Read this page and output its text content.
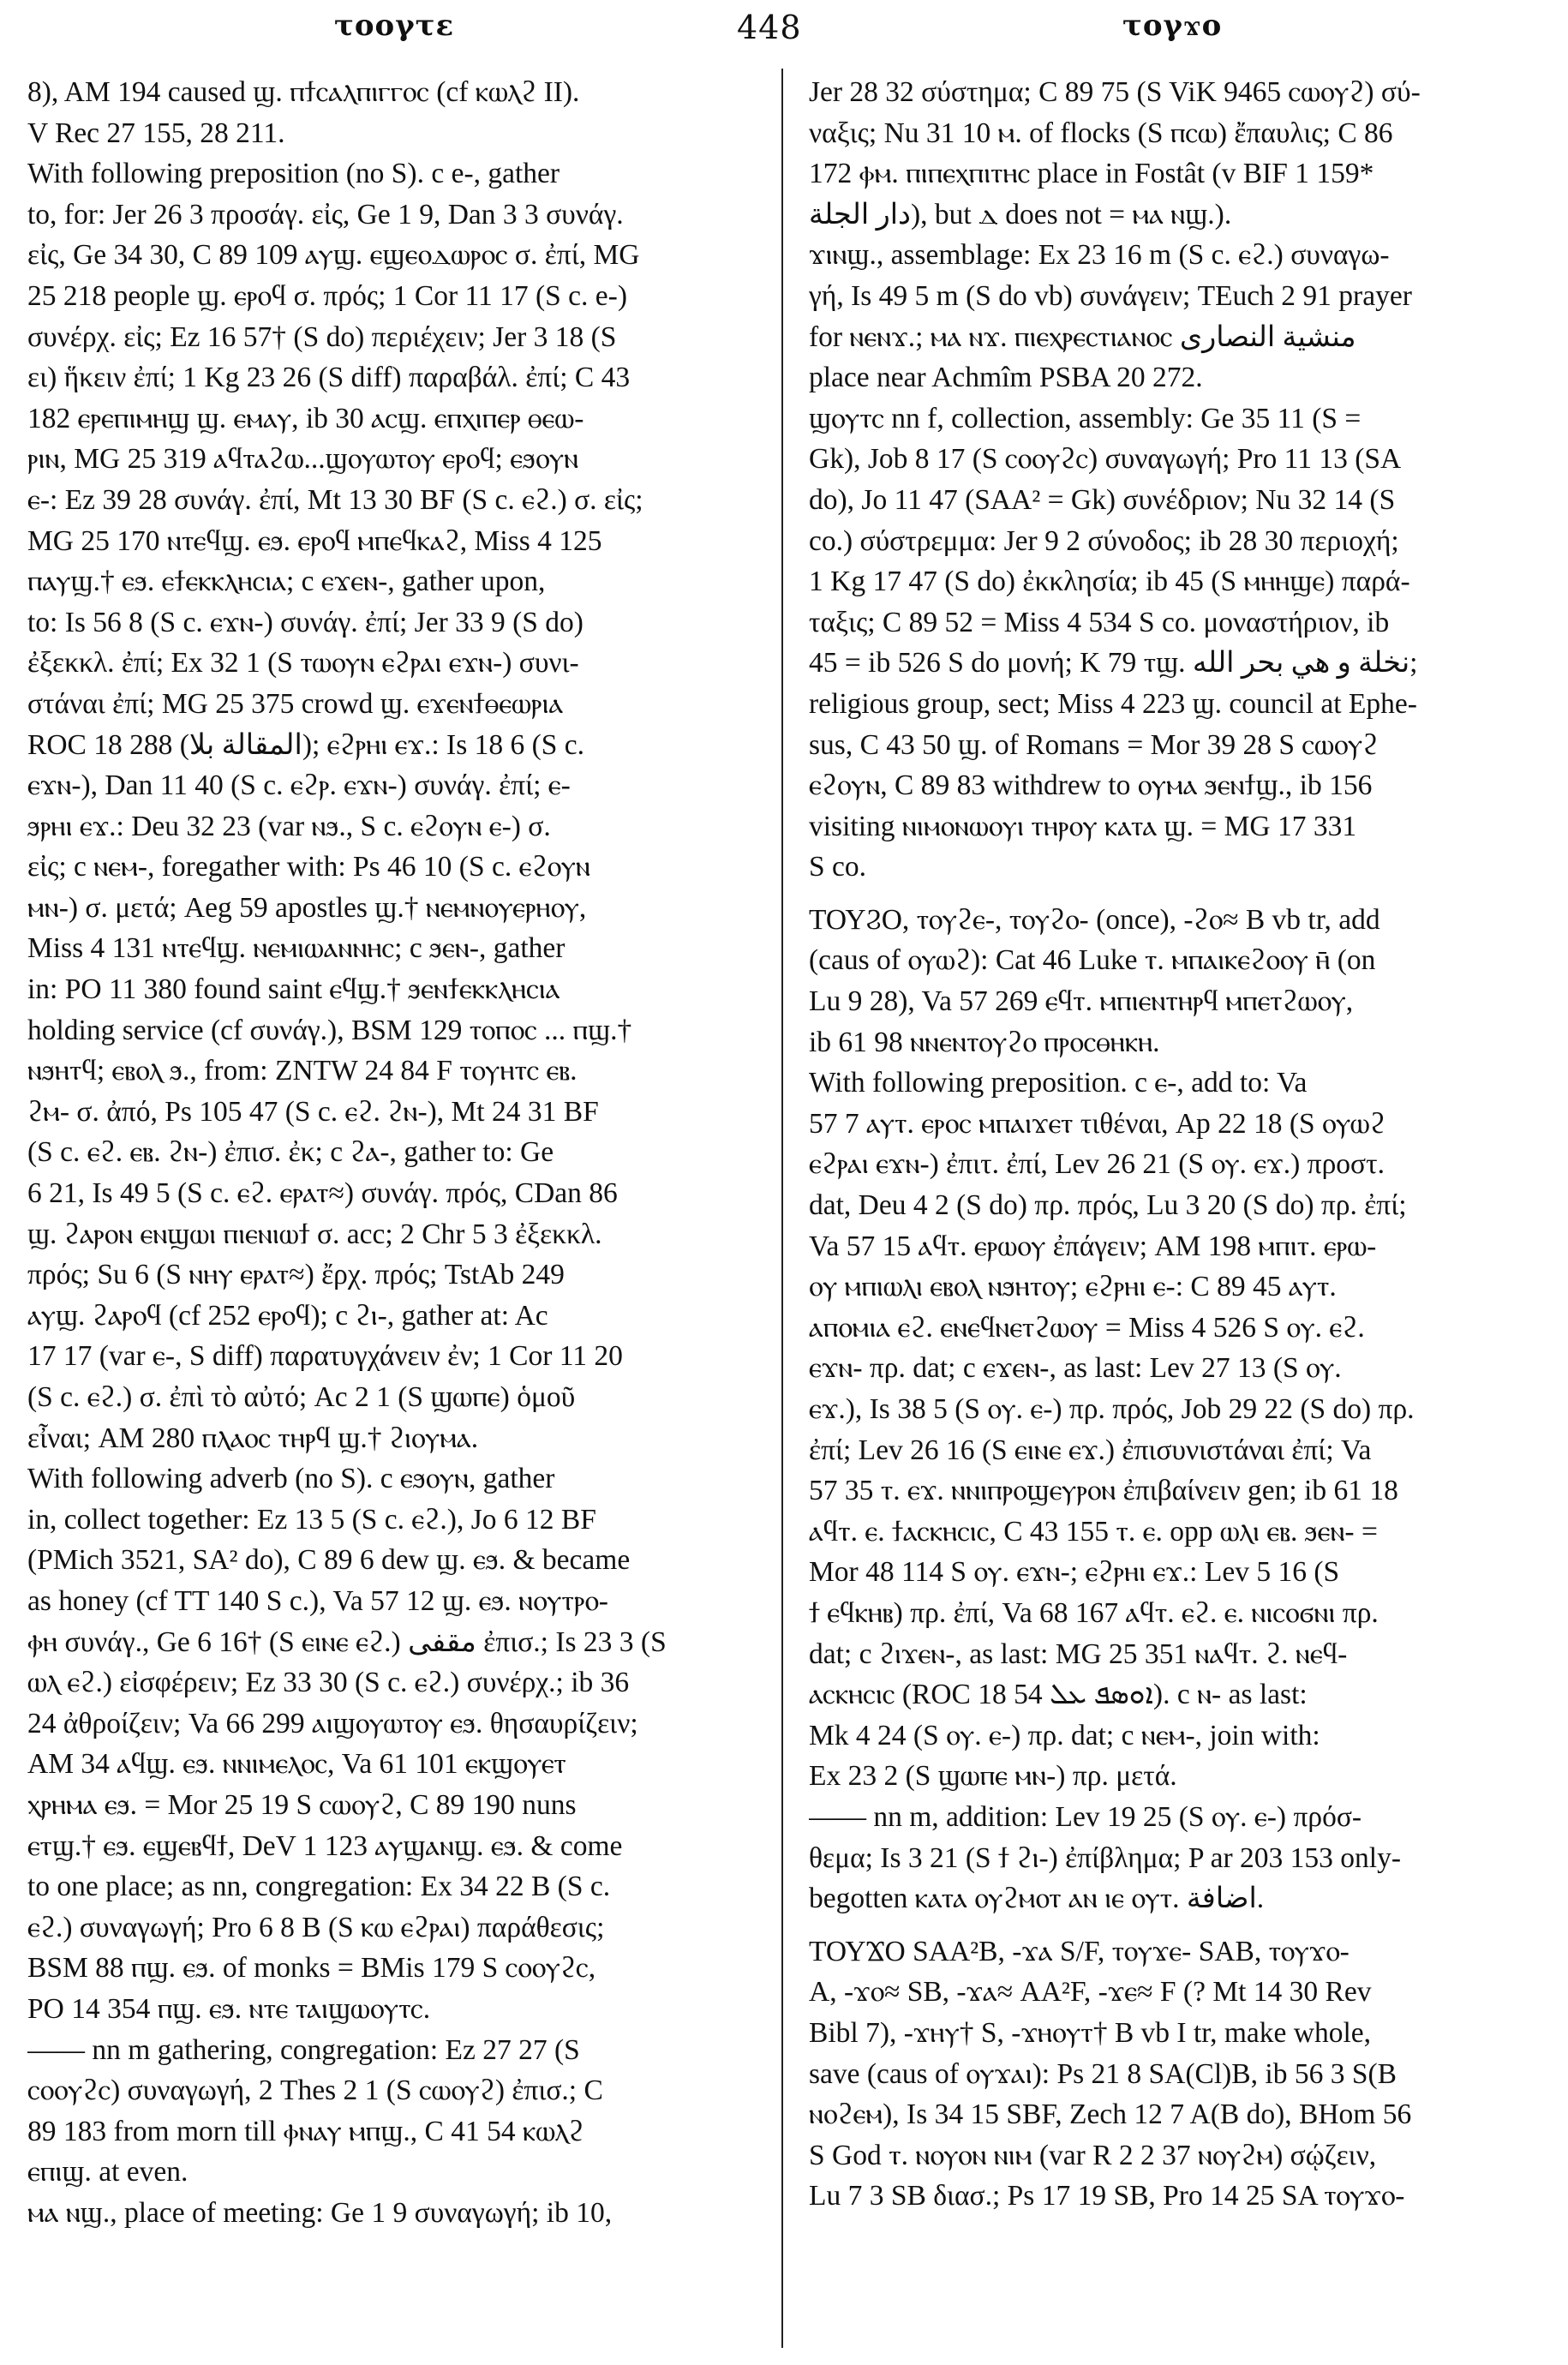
τοογτε	448	τογϫο
8), AM 194 caused ϣ. ⲡϯⲥⲁⲗⲡⲓⲅⲅⲟⲥ (cf ⲕⲱⲗϩ II).
V Rec 27 155, 28 211.
With following preposition (no S). c e-, gather
to, for: Jer 26 3 προσάγ. εἰς, Ge 1 9, Dan 3 3 συνάγ.
εἰς, Ge 34 30, C 89 109 ⲁⲩϣ. ⲉϣⲉⲟⲇⲱⲣⲟⲥ σ. ἐπί, MG
25 218 people ϣ. ⲉⲣⲟϥ σ. πρός; 1 Cor 11 17 (S c. e-)
συνέρχ. εἰς; Ez 16 57† (S do) περιέχειν; Jer 3 18 (S
ει) ἥκειν ἐπί; 1 Kg 23 26 (S diff) παραβάλ. ἐπί; C 43
182 ⲉⲣⲉⲡⲓⲙⲏϣ ϣ. ⲉⲙⲁⲩ, ib 30 ⲁⲥϣ. ⲉⲡⲭⲓⲡⲉⲣ ⲑⲉⲱ-
ⲣⲓⲛ, MG 25 319 ⲁϥⲧⲁϩⲱ...ϣⲟⲩⲱⲧⲟⲩ ⲉⲣⲟϥ; ⲉϧⲟⲩⲛ
ⲉ-: Ez 39 28 συνάγ. ἐπί, Mt 13 30 BF (S c. ⲉϩ.) σ. εἰς;
MG 25 170 ⲛⲧⲉϥϣ. ⲉϧ. ⲉⲣⲟϥ ⲙⲡⲉϥⲕⲁϩ, Miss 4 125
ⲡⲁⲩϣ.† ⲉϧ. ⲉϯⲉⲕⲕⲗⲏⲥⲓⲁ; c ⲉϫⲉⲛ-, gather upon,
to: Is 56 8 (S c. ⲉϫⲛ-) συνάγ. ἐπί; Jer 33 9 (S do)
ἐξεκκλ. ἐπί; Ex 32 1 (S ⲧⲱⲟⲩⲛ ⲉϩⲣⲁⲓ ⲉϫⲛ-) συνι-
στάναι ἐπί; MG 25 375 crowd ϣ. ⲉϫⲉⲛϯⲑⲉⲱⲣⲓⲁ
ROC 18 288 (المقالة بلا); ⲉϩⲣⲏⲓ ⲉϫ.: Is 18 6 (S c.
ⲉϫⲛ-), Dan 11 40 (S c. ⲉϩⲣ. ⲉϫⲛ-) συνάγ. ἐπί; ⲉ-
ϧⲣⲏⲓ ⲉϫ.: Deu 32 23 (var ⲛϧ., S c. ⲉϩⲟⲩⲛ ⲉ-) σ.
εἰς; c ⲛⲉⲙ-, foregather with: Ps 46 10 (S c. ⲉϩⲟⲩⲛ
ⲙⲛ-) σ. μετά; Aeg 59 apostles ϣ.† ⲛⲉⲙⲛⲟⲩⲉⲣⲏⲟⲩ,
Miss 4 131 ⲛⲧⲉϥϣ. ⲛⲉⲙⲓⲱⲁⲛⲛⲏⲥ; c ϧⲉⲛ-, gather
in: PO 11 380 found saint ⲉϥϣ.† ϧⲉⲛϯⲉⲕⲕⲗⲏⲥⲓⲁ
holding service (cf συνάγ.), BSM 129 ⲧⲟⲡⲟⲥ ... ⲡϣ.†
ⲛϧⲏⲧϥ; ⲉⲃⲟⲗ ϧ., from: ZNTW 24 84 F ⲧⲟⲩⲏⲧⲥ ⲉⲃ.
ϩⲙ- σ. ἀπό, Ps 105 47 (S c. ⲉϩ. ϩⲛ-), Mt 24 31 BF
(S c. ⲉϩ. ⲉⲃ. ϩⲛ-) ἐπισ. ἐκ; c ϩⲁ-, gather to: Ge
6 21, Is 49 5 (S c. ⲉϩ. ⲉⲣⲁⲧ≈) συνάγ. πρός, CDan 86
ϣ. ϩⲁⲣⲟⲛ ⲉⲛϣⲱⲓ ⲡⲓⲉⲛⲓⲱϯ σ. acc; 2 Chr 5 3 ἐξεκκλ.
πρός; Su 6 (S ⲛⲏⲩ ⲉⲣⲁⲧ≈) ἔρχ. πρός; TstAb 249
ⲁⲩϣ. ϩⲁⲣⲟϥ (cf 252 ⲉⲣⲟϥ); c ϩⲓ-, gather at: Ac
17 17 (var ⲉ-, S diff) παρατυγχάνειν ἐν; 1 Cor 11 20
(S c. ⲉϩ.) σ. ἐπὶ τὸ αὐτό; Ac 2 1 (S ϣⲱⲡⲉ) ὁμοῦ
εἶναι; AM 280 ⲡⲗⲁⲟⲥ ⲧⲏⲣϥ ϣ.† ϩⲓⲟⲩⲙⲁ.
With following adverb (no S). c ⲉϧⲟⲩⲛ, gather
in, collect together: Ez 13 5 (S c. ⲉϩ.), Jo 6 12 BF
(PMich 3521, SA² do), C 89 6 dew ϣ. ⲉϧ. & became
as honey (cf TT 140 S c.), Va 57 12 ϣ. ⲉϧ. ⲛⲟⲩⲧⲣⲟ-
ⲫⲏ συνάγ., Ge 6 16† (S ⲉⲓⲛⲉ ⲉϩ.) مقفى ἐπισ.; Is 23 3 (S
ⲱⲗ ⲉϩ.) εἰσφέρειν; Ez 33 30 (S c. ⲉϩ.) συνέρχ.; ib 36
24 ἀθροίζειν; Va 66 299 ⲁⲓϣⲟⲩⲱⲧⲟⲩ ⲉϧ. θησαυρίζειν;
AM 34 ⲁϥϣ. ⲉϧ. ⲛⲛⲓⲙⲉⲗⲟⲥ, Va 61 101 ⲉⲕϣⲟⲩⲉⲧ
ⲭⲣⲏⲙⲁ ⲉϧ. = Mor 25 19 S ⲥⲱⲟⲩϩ, C 89 190 nuns
ⲉⲧϣ.† ⲉϧ. ⲉϣⲉⲃϥϯ, DeV 1 123 ⲁⲩϣⲁⲛϣ. ⲉϧ. & come
to one place; as nn, congregation: Ex 34 22 B (S c.
ⲉϩ.) συναγωγή; Pro 6 8 B (S ⲕⲱ ⲉϩⲣⲁⲓ) παράθεσις;
BSM 88 ⲡϣ. ⲉϧ. of monks = BMis 179 S ⲥⲟⲟⲩϩⲥ,
PO 14 354 ⲡϣ. ⲉϧ. ⲛⲧⲉ ⲧⲁⲓϣⲱⲟⲩⲧⲥ.
—— nn m gathering, congregation: Ez 27 27 (S
ⲥⲟⲟⲩϩⲥ) συναγωγή, 2 Thes 2 1 (S ⲥⲱⲟⲩϩ) ἐπισ.; C
89 183 from morn till ⲫⲛⲁⲩ ⲙⲡϣ., C 41 54 ⲕⲱⲗϩ
ⲉⲡⲓϣ. at even.
ⲙⲁ ⲛϣ., place of meeting: Ge 1 9 συναγωγή; ib 10,
Jer 28 32 σύστημα; C 89 75 (S ViK 9465 ⲥⲱⲟⲩϩ) σύ-
ναξις; Nu 31 10 ⲙ. of flocks (S ⲡⲥⲱ) ἔπαυλις; C 86
172 ⲫⲙ. ⲡⲓⲡⲉⲭⲡⲓⲧⲏⲥ place in Fostât (v BIF 1 159*
دار الجلة), but ⲇ does not = ⲙⲁ ⲛϣ.).
ϫⲓⲛϣ., assemblage: Ex 23 16 m (S c. ⲉϩ.) συναγω-
γή, Is 49 5 m (S do vb) συνάγειν; TEuch 2 91 prayer
for ⲛⲉⲛϫ.; ⲙⲁ ⲛϫ. ⲡⲓⲉⲭⲣⲉⲥⲧⲓⲁⲛⲟⲥ منشية النصارى
place near Achmîm PSBA 20 272.
ϣⲟⲩⲧⲥ nn f, collection, assembly: Ge 35 11 (S =
Gk), Job 8 17 (S ⲥⲟⲟⲩϩⲥ) συναγωγή; Pro 11 13 (SA
do), Jo 11 47 (SAA² = Gk) συνέδριον; Nu 32 14 (S
co.) σύστρεμμα: Jer 9 2 σύνοδος; ib 28 30 περιοχή;
1 Kg 17 47 (S do) ἐκκλησία; ib 45 (S ⲙⲏⲏϣⲉ) παρά-
ταξις; C 89 52 = Miss 4 534 S co. μοναστήριον, ib
45 = ib 526 S do μονή; K 79 ⲧϣ. نخلة و هي بحر الله;
religious group, sect; Miss 4 223 ϣ. council at Ephe-
sus, C 43 50 ϣ. of Romans = Mor 39 28 S ⲥⲱⲟⲩϩ
ⲉϩⲟⲩⲛ, C 89 83 withdrew to ⲟⲩⲙⲁ ϧⲉⲛϯϣ., ib 156
visiting ⲛⲓⲙⲟⲛⲱⲟⲩⲓ ⲧⲏⲣⲟⲩ ⲕⲁⲧⲁ ϣ. = MG 17 331
S co.
ΤΟΥϨΟ, ⲧⲟⲩϩⲉ-, ⲧⲟⲩϩⲟ- (once), -ϩⲟ≈ B vb tr, add
(caus of ⲟⲩⲱϩ): Cat 46 Luke ⲧ. ⲙⲡⲁⲓⲕⲉϩⲟⲟⲩ ⲏ̄ (on
Lu 9 28), Va 57 269 ⲉϥⲧ. ⲙⲡⲓⲉⲛⲧⲏⲣϥ ⲙⲡⲉⲧϩⲱⲟⲩ,
ib 61 98 ⲛⲛⲉⲛⲧⲟⲩϩⲟ ⲡⲣⲟⲥⲑⲏⲕⲏ.
With following preposition. c ⲉ-, add to: Va
57 7 ⲁⲩⲧ. ⲉⲣⲟⲥ ⲙⲡⲁⲓϫⲉⲧ τιθέναι, Ap 22 18 (S ⲟⲩⲱϩ
ⲉϩⲣⲁⲓ ⲉϫⲛ-) ἐπιτ. ἐπί, Lev 26 21 (S ⲟⲩ. ⲉϫ.) προστ.
dat, Deu 4 2 (S do) πρ. πρός, Lu 3 20 (S do) πρ. ἐπί;
Va 57 15 ⲁϥⲧ. ⲉⲣⲱⲟⲩ ἐπάγειν; AM 198 ⲙⲡⲓⲧ. ⲉⲣⲱ-
ⲟⲩ ⲙⲡⲓⲱⲗⲓ ⲉⲃⲟⲗ ⲛϧⲏⲧⲟⲩ; ⲉϩⲣⲏⲓ ⲉ-: C 89 45 ⲁⲩⲧ.
ⲁⲡⲟⲙⲓⲁ ⲉϩ. ⲉⲛⲉϥⲛⲉⲧϩⲱⲟⲩ = Miss 4 526 S ⲟⲩ. ⲉϩ.
ⲉϫⲛ- πρ. dat; c ⲉϫⲉⲛ-, as last: Lev 27 13 (S ⲟⲩ.
ⲉϫ.), Is 38 5 (S ⲟⲩ. ⲉ-) πρ. πρός, Job 29 22 (S do) πρ.
ἐπί; Lev 26 16 (S ⲉⲓⲛⲉ ⲉϫ.) ἐπισυνιστάναι ἐπί; Va
57 35 ⲧ. ⲉϫ. ⲛⲛⲓⲡⲣⲟϣⲉⲩⲣⲟⲛ ἐπιβαίνειν gen; ib 61 18
ⲁϥⲧ. ⲉ. ϯⲁⲥⲕⲏⲥⲓⲥ, C 43 155 ⲧ. ⲉ. opp ⲱⲗⲓ ⲉⲃ. ϧⲉⲛ- =
Mor 48 114 S ⲟⲩ. ⲉϫⲛ-; ⲉϩⲣⲏⲓ ⲉϫ.: Lev 5 16 (S
ϯ ⲉϥⲕⲏⲃ) πρ. ἐπί, Va 68 167 ⲁϥⲧ. ⲉϩ. ⲉ. ⲛⲓⲥⲟϭⲛⲓ πρ.
dat; c ϩⲓϫⲉⲛ-, as last: MG 25 351 ⲛⲁϥⲧ. ϩ. ⲛⲉϥ-
ⲁⲥⲕⲏⲥⲓⲥ (ROC 18 54 ܐܘܣܦ ܥܠ). c ⲛ- as last:
Mk 4 24 (S ⲟⲩ. ⲉ-) πρ. dat; c ⲛⲉⲙ-, join with:
Ex 23 2 (S ϣⲱⲡⲉ ⲙⲛ-) πρ. μετά.
—— nn m, addition: Lev 19 25 (S ⲟⲩ. ⲉ-) πρόσ-
θεμα; Is 3 21 (S ϯ ϩⲓ-) ἐπίβλημα; P ar 203 153 only-
begotten ⲕⲁⲧⲁ ⲟⲩϩⲙⲟⲧ ⲁⲛ ⲓⲉ ⲟⲩⲧ. اضافة.
ΤΟΥϪΟ SAA²B, -ϫⲁ S/F, ⲧⲟⲩϫⲉ- SAB, ⲧⲟⲩϫⲟ-
A, -ϫⲟ≈ SB, -ϫⲁ≈ AA²F, -ϫⲉ≈ F (? Mt 14 30 Rev
Bibl 7), -ϫⲏⲩ† S, -ϫⲏⲟⲩⲧ† B vb I tr, make whole,
save (caus of ⲟⲩϫⲁⲓ): Ps 21 8 SA(Cl)B, ib 56 3 S(B
ⲛⲟϩⲉⲙ), Is 34 15 SBF, Zech 12 7 A(B do), BHom 56
S God ⲧ. ⲛⲟⲩⲟⲛ ⲛⲓⲙ (var R 2 2 37 ⲛⲟⲩϩⲙ) σῴζειν,
Lu 7 3 SB διασ.; Ps 17 19 SB, Pro 14 25 SA ⲧⲟⲩϫⲟ-
